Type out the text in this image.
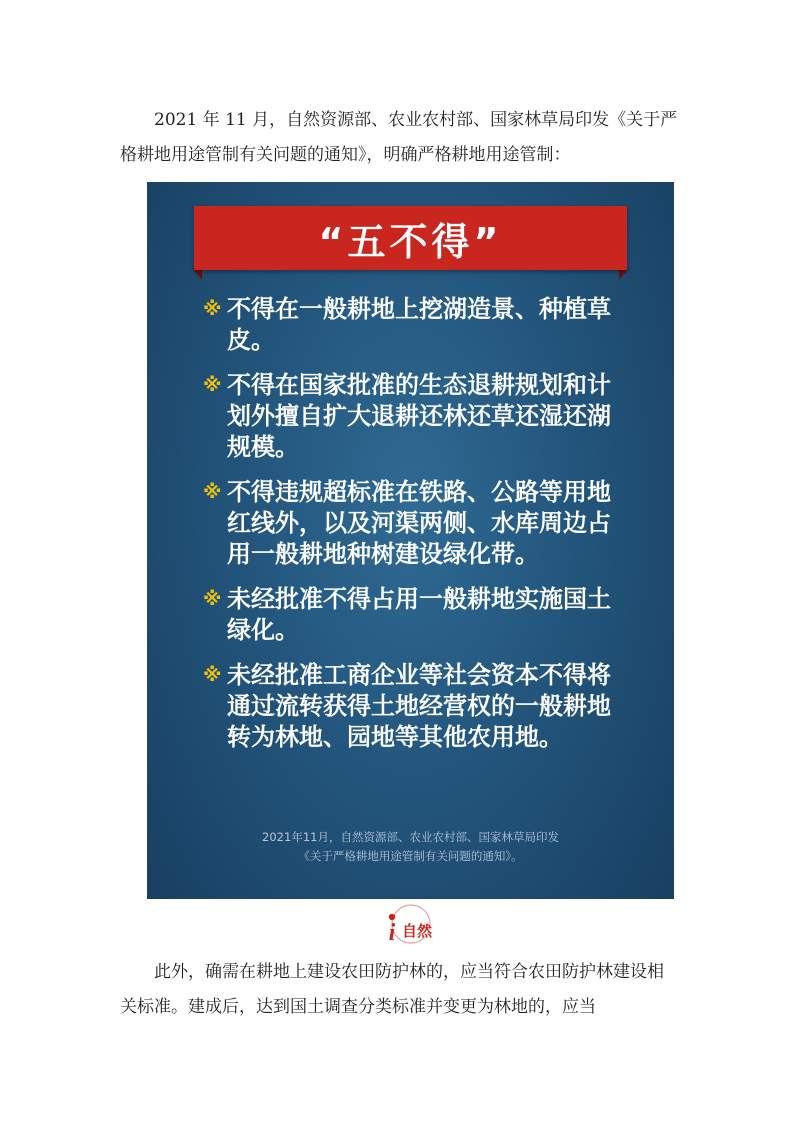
2021 年 11 月，自然资源部、农业农村部、国家林草局印发《关于严格耕地用途管制有关问题的通知》，明确严格耕地用途管制：

“五不得”
※ 不得在一般耕地上挖湖造景、种植草皮。
※ 不得在国家批准的生态退耕规划和计划外擅自扩大退耕还林还草还湿还湖规模。
※ 不得违规超标准在铁路、公路等用地红线外，以及河渠两侧、水库周边占用一般耕地种树建设绿化带。
※ 未经批准不得占用一般耕地实施国土绿化。
※ 未经批准工商企业等社会资本不得将通过流转获得土地经营权的一般耕地转为林地、园地等其他农用地。
2021年11月，自然资源部、农业农村部、国家林草局印发
《关于严格耕地用途管制有关问题的通知》。
i 自然

此外，确需在耕地上建设农田防护林的，应当符合农田防护林建设相关标准。建成后，达到国土调查分类标准并变更为林地的，应当
